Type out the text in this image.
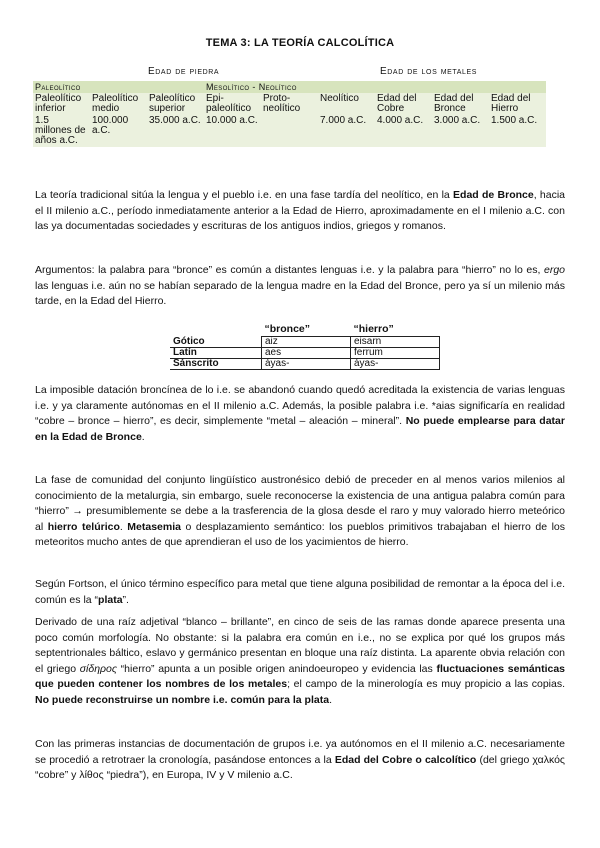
TEMA 3: LA TEORÍA CALCOLÍTICA
Edad de piedra	Edad de los metales
Paleolítico			Mesolítico - Neolítico					
Paleolítico inferior	Paleolítico medio	Paleolítico superior	Epi-paleolítico	Proto-neolítico	Neolítico	Edad del Cobre	Edad del Bronce	Edad del Hierro
1.5 millones de años a.C.	100.000 a.C.	35.000 a.C.	10.000 a.C.		7.000 a.C.	4.000 a.C.	3.000 a.C.	1.500 a.C.
La teoría tradicional sitúa la lengua y el pueblo i.e. en una fase tardía del neolítico, en la Edad de Bronce, hacia el II milenio a.C., período inmediatamente anterior a la Edad de Hierro, aproximadamente en el I milenio a.C. con las ya documentadas sociedades y escrituras de los antiguos indios, griegos y romanos.
Argumentos: la palabra para “bronce” es común a distantes lenguas i.e. y la palabra para “hierro” no lo es, ergo las lenguas i.e. aún no se habían separado de la lengua madre en la Edad del Bronce, pero ya sí un milenio más tarde, en la Edad del Hierro.
	“bronce”	“hierro”
Gótico	aiz	eisarn
Latín	aes	ferrum
Sánscrito	áyas-	áyas-
La imposible datación broncínea de lo i.e. se abandonó cuando quedó acreditada la existencia de varias lenguas i.e. y ya claramente autónomas en el II milenio a.C. Además, la posible palabra i.e. *aias significaría en realidad “cobre – bronce – hierro”, es decir, simplemente “metal – aleación – mineral”. No puede emplearse para datar en la Edad de Bronce.
La fase de comunidad del conjunto lingüístico austronésico debió de preceder en al menos varios milenios al conocimiento de la metalurgia, sin embargo, suele reconocerse la existencia de una antigua palabra común para “hierro” → presumiblemente se debe a la trasferencia de la glosa desde el raro y muy valorado hierro meteórico al hierro telúrico. Metasemia o desplazamiento semántico: los pueblos primitivos trabajaban el hierro de los meteoritos mucho antes de que aprendieran el uso de los yacimientos de hierro.
Según Fortson, el único término específico para metal que tiene alguna posibilidad de remontar a la época del i.e. común es la “plata”.
Derivado de una raíz adjetival “blanco – brillante”, en cinco de seis de las ramas donde aparece presenta una poco común morfología. No obstante: si la palabra era común en i.e., no se explica por qué los grupos más septentrionales báltico, eslavo y germánico presentan en bloque una raíz distinta. La aparente obvia relación con el griego σίδηρος “hierro” apunta a un posible origen anindoeuropeo y evidencia las fluctuaciones semánticas que pueden contener los nombres de los metales; el campo de la minerología es muy propicio a las copias. No puede reconstruirse un nombre i.e. común para la plata.
Con las primeras instancias de documentación de grupos i.e. ya autónomos en el II milenio a.C. necesariamente se procedió a retrotraer la cronología, pasándose entonces a la Edad del Cobre o calcolítico (del griego χαλκός “cobre” y λίθος “piedra”), en Europa, IV y V milenio a.C.
